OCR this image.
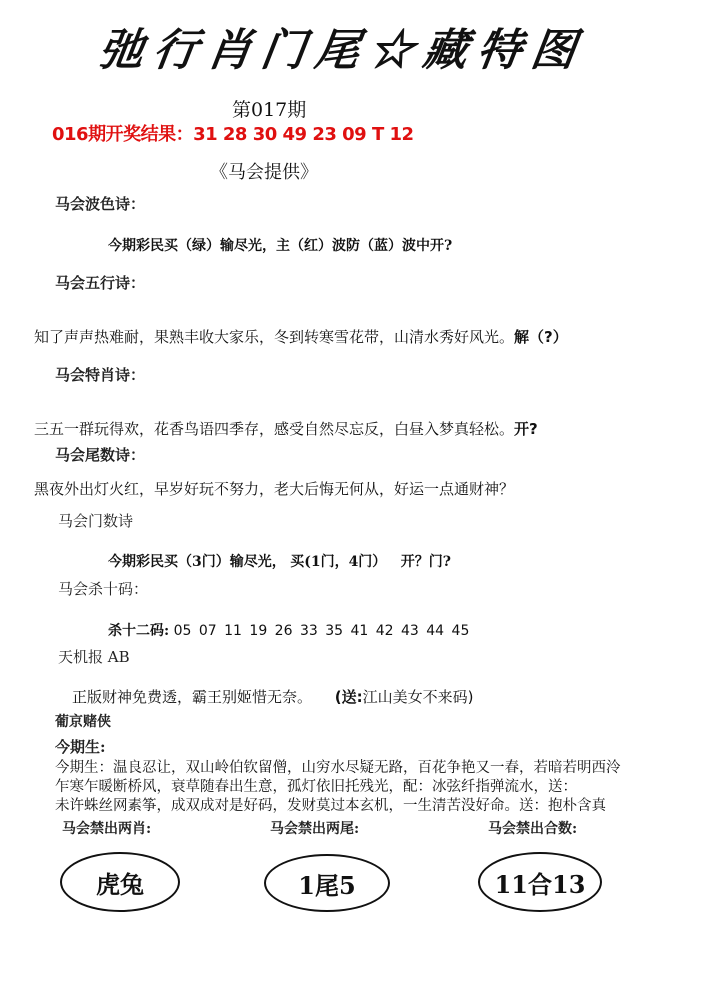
弛行肖门尾☆藏特图
第017期
016期开奖结果：31 28 30 49 23 09 T 12
《马会提供》
马会波色诗：
今期彩民买（绿）输尽光，主（红）波防（蓝）波中开?
马会五行诗：
知了声声热难耐，果熟丰收大家乐，冬到转寒雪花带，山清水秀好风光。解（?）
马会特肖诗：
三五一群玩得欢，花香鸟语四季存，感受自然尽忘反，白昼入梦真轻松。开?
马会尾数诗：
黑夜外出灯火红，早岁好玩不努力，老大后悔无何从，好运一点通财神？
马会门数诗
今期彩民买（3门）输尽光， 买(1门，4门） 开？门?
马会杀十码：
杀十二码: 05 07 11 19 26 33 35 41 42 43 44 45
天机报 AB
正版财神免费透，霸王别姬惜无奈。 (送:江山美女不来码)
葡京赌侠
今期生:
今期生：温良忍让，双山岭伯钦留僧，山穷水尽疑无路，百花争艳又一春，若暗若明西泠
乍寒乍暖断桥风，衰草随春出生意，孤灯依旧托残光，配：冰弦纤指弹流水，送：
未许蛛丝网素筝，成双成对是好码，发财莫过本玄机，一生清苦没好命。送：抱朴含真
马会禁出两肖:	马会禁出两尾:	马会禁出合数:
虎兔	1尾5	11合13
